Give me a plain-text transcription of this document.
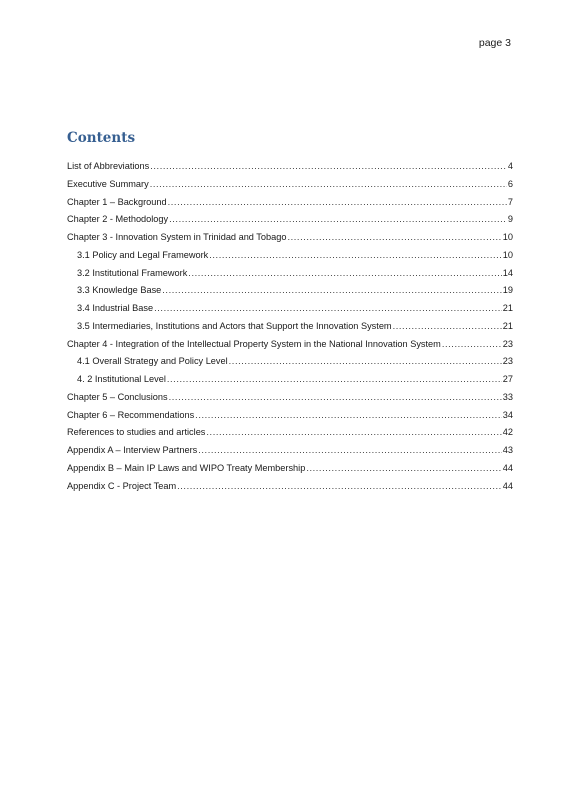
page 3
Contents
List of Abbreviations .....	4
Executive Summary .....	6
Chapter 1 – Background .....	7
Chapter 2 - Methodology .....	9
Chapter 3 - Innovation System in Trinidad and Tobago .....	10
3.1 Policy and Legal Framework .....	10
3.2 Institutional Framework .....	14
3.3 Knowledge Base .....	19
3.4 Industrial Base .....	21
3.5 Intermediaries, Institutions and Actors that Support the Innovation System .....	21
Chapter 4 - Integration of the Intellectual Property System in the National Innovation System .....	23
4.1 Overall Strategy and Policy Level .....	23
4. 2 Institutional Level .....	27
Chapter 5 – Conclusions .....	33
Chapter 6 – Recommendations .....	34
References to studies and articles .....	42
Appendix A – Interview Partners .....	43
Appendix B – Main IP Laws and WIPO Treaty Membership .....	44
Appendix C - Project Team .....	44
